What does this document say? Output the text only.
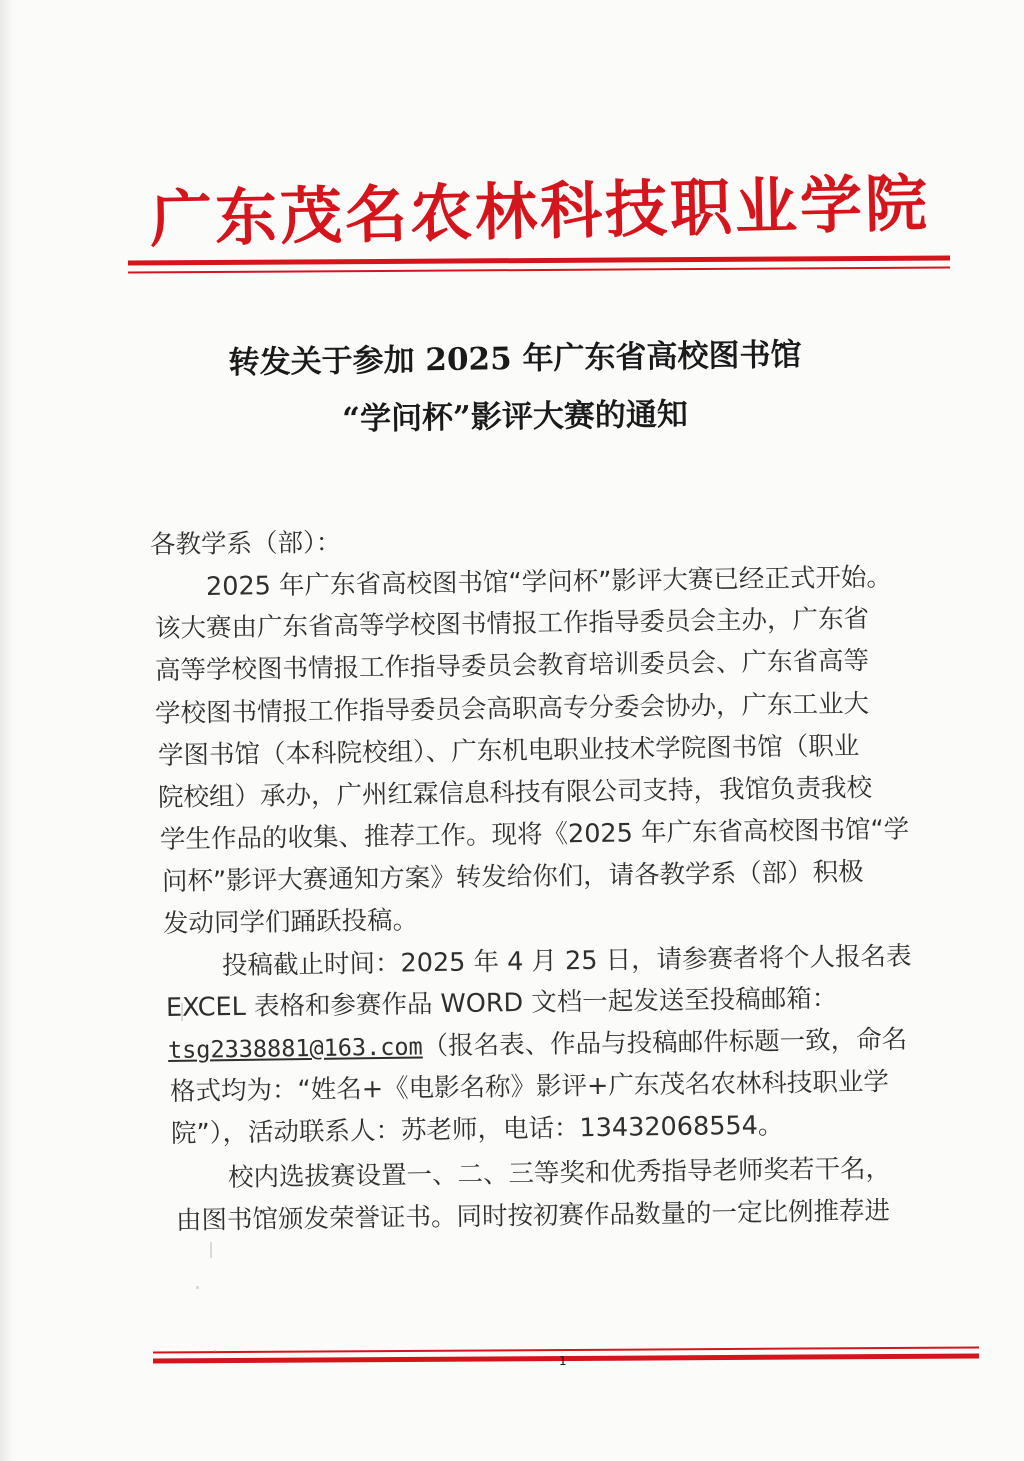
广东茂名农林科技职业学院
转发关于参加 2025 年广东省高校图书馆
“学问杯”影评大赛的通知
各教学系（部）：
2025 年广东省高校图书馆“学问杯”影评大赛已经正式开始。
该大赛由广东省高等学校图书情报工作指导委员会主办，广东省
高等学校图书情报工作指导委员会教育培训委员会、广东省高等
学校图书情报工作指导委员会高职高专分委会协办，广东工业大
学图书馆（本科院校组）、广东机电职业技术学院图书馆（职业
院校组）承办，广州红霖信息科技有限公司支持，我馆负责我校
学生作品的收集、推荐工作。现将《2025 年广东省高校图书馆“学
问杯”影评大赛通知方案》转发给你们，请各教学系（部）积极
发动同学们踊跃投稿。
投稿截止时间：2025 年 4 月 25 日，请参赛者将个人报名表
EXCEL 表格和参赛作品 WORD 文档一起发送至投稿邮箱：
tsg2338881@163.com（报名表、作品与投稿邮件标题一致，命名
格式均为：“姓名+《电影名称》影评+广东茂名农林科技职业学
院”），活动联系人：苏老师，电话：13432068554。
校内选拔赛设置一、二、三等奖和优秀指导老师奖若干名，
由图书馆颁发荣誉证书。同时按初赛作品数量的一定比例推荐进
1
